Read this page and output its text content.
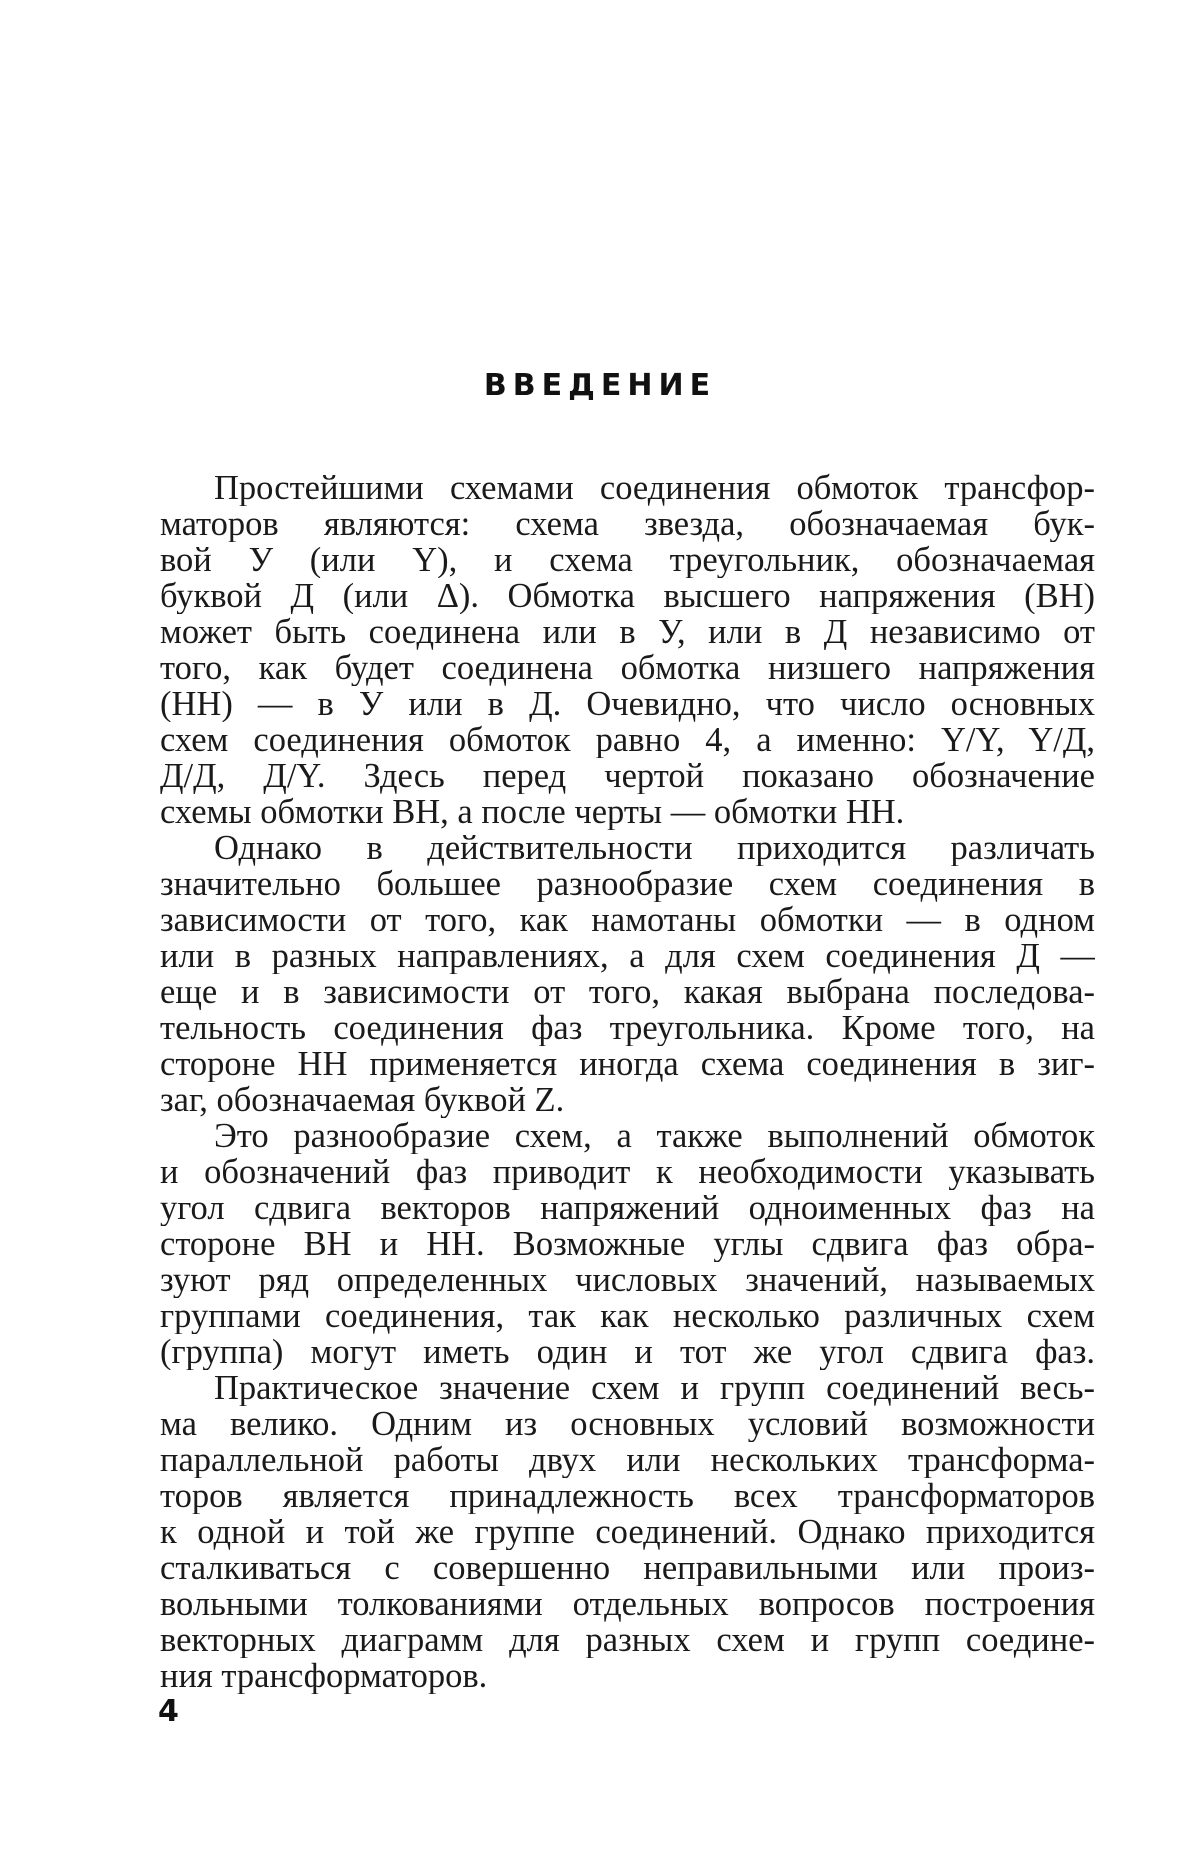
ВВЕДЕНИЕ
Простейшими схемами соединения обмоток трансфор-
маторов являются: схема звезда, обозначаемая бук-
вой У (или Y), и схема треугольник, обозначаемая
буквой Д (или Δ). Обмотка высшего напряжения (ВН)
может быть соединена или в У, или в Д независимо от
того, как будет соединена обмотка низшего напряжения
(НН) — в У или в Д. Очевидно, что число основных
схем соединения обмоток равно 4, а именно: Y/Y, Y/Д,
Д/Д, Д/Y. Здесь перед чертой показано обозначение
схемы обмотки ВН, а после черты — обмотки НН.
Однако в действительности приходится различать
значительно большее разнообразие схем соединения в
зависимости от того, как намотаны обмотки — в одном
или в разных направлениях, а для схем соединения Д —
еще и в зависимости от того, какая выбрана последова-
тельность соединения фаз треугольника. Кроме того, на
стороне НН применяется иногда схема соединения в зиг-
заг, обозначаемая буквой Z.
Это разнообразие схем, а также выполнений обмоток
и обозначений фаз приводит к необходимости указывать
угол сдвига векторов напряжений одноименных фаз на
стороне ВН и НН. Возможные углы сдвига фаз обра-
зуют ряд определенных числовых значений, называемых
группами соединения, так как несколько различных схем
(группа) могут иметь один и тот же угол сдвига фаз.
Практическое значение схем и групп соединений весь-
ма велико. Одним из основных условий возможности
параллельной работы двух или нескольких трансформа-
торов является принадлежность всех трансформаторов
к одной и той же группе соединений. Однако приходится
сталкиваться с совершенно неправильными или произ-
вольными толкованиями отдельных вопросов построения
векторных диаграмм для разных схем и групп соедине-
ния трансформаторов.
4
